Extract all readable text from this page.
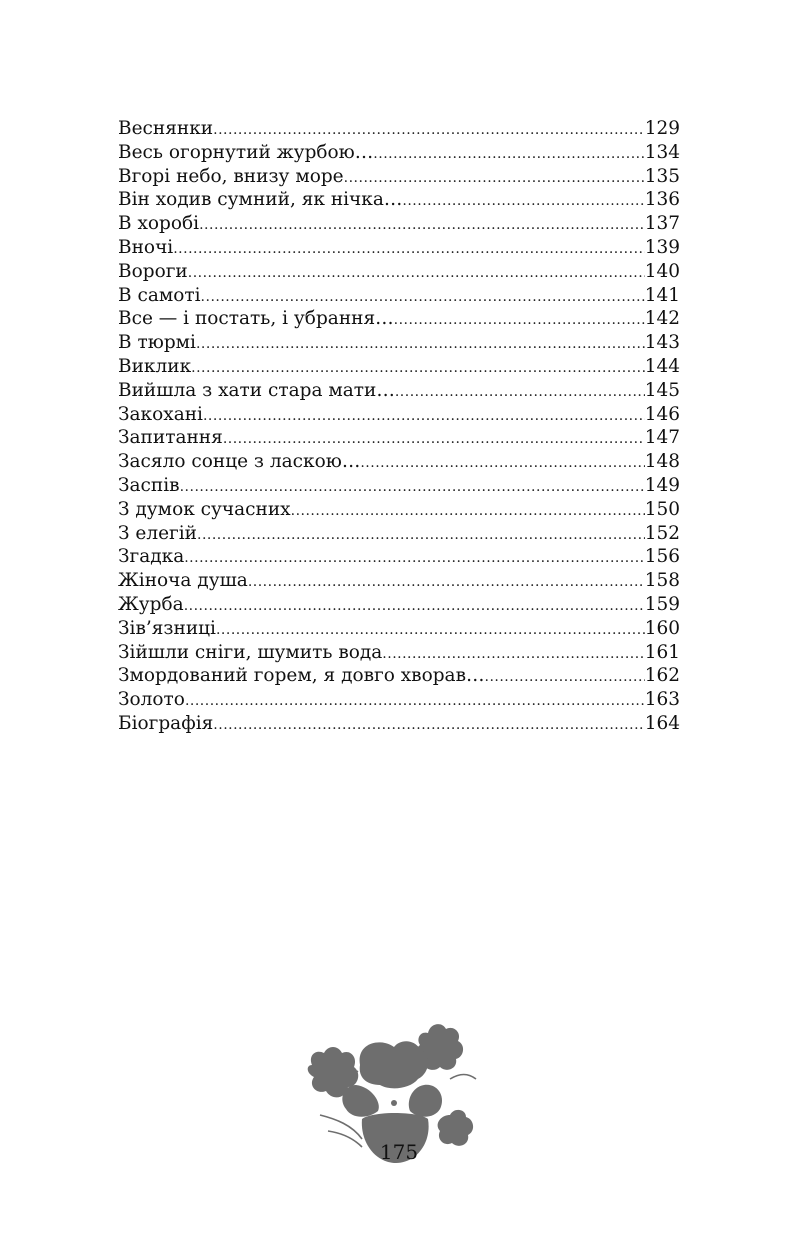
Веснянки .....	129
Весь огорнутий журбою… .....	134
Вгорі небо, внизу море .....	135
Він ходив сумний, як нічка… .....	136
В хоробі .....	137
Вночі .....	139
Вороги .....	140
В самоті .....	141
Все — і постать, і убрання… .....	142
В тюрмі .....	143
Виклик .....	144
Вийшла з хати стара мати… .....	145
Закохані .....	146
Запитання .....	147
Засяло сонце з ласкою… .....	148
Заспів .....	149
З думок сучасних .....	150
З елегій .....	152
Згадка .....	156
Жіноча душа .....	158
Журба .....	159
Зів’язниці .....	160
Зійшли сніги, шумить вода .....	161
Змордований горем, я довго хворав… .....	162
Золото .....	163
Біографія .....	164
175
